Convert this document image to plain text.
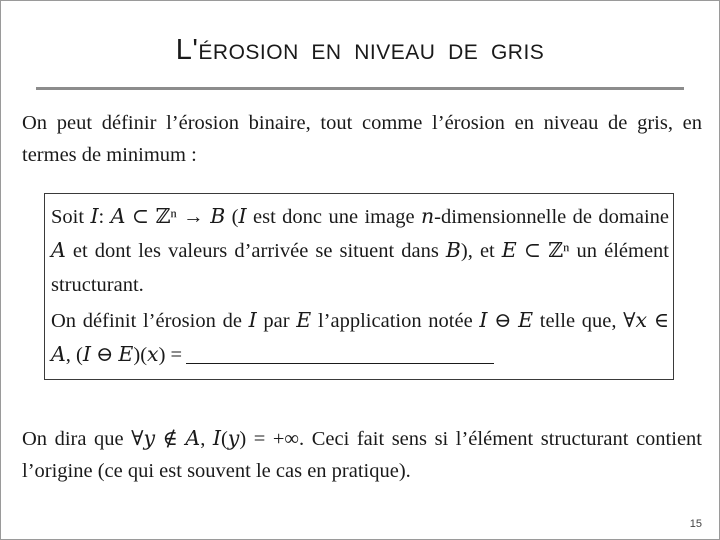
L'ÉROSION  EN  NIVEAU  DE  GRIS
On peut définir l’érosion binaire, tout comme l’érosion en niveau de gris, en termes de minimum :

Soit 𝐼: 𝐴 ⊂ ℤⁿ → 𝐵 (𝐼 est donc une image 𝑛-dimensionnelle de domaine 𝐴 et dont les valeurs d’arrivée se situent dans 𝐵), et 𝐸 ⊂ ℤⁿ un élément structurant.

On définit l’érosion de 𝐼 par 𝐸 l’application notée 𝐼 ⊖ 𝐸 telle que, ∀𝑥 ∈ 𝐴, (𝐼 ⊖ 𝐸)(𝑥) =

On dira que ∀𝑦 ∉ 𝐴, 𝐼(𝑦) = +∞. Ceci fait sens si l’élément structurant contient l’origine (ce qui est souvent le cas en pratique).
15
